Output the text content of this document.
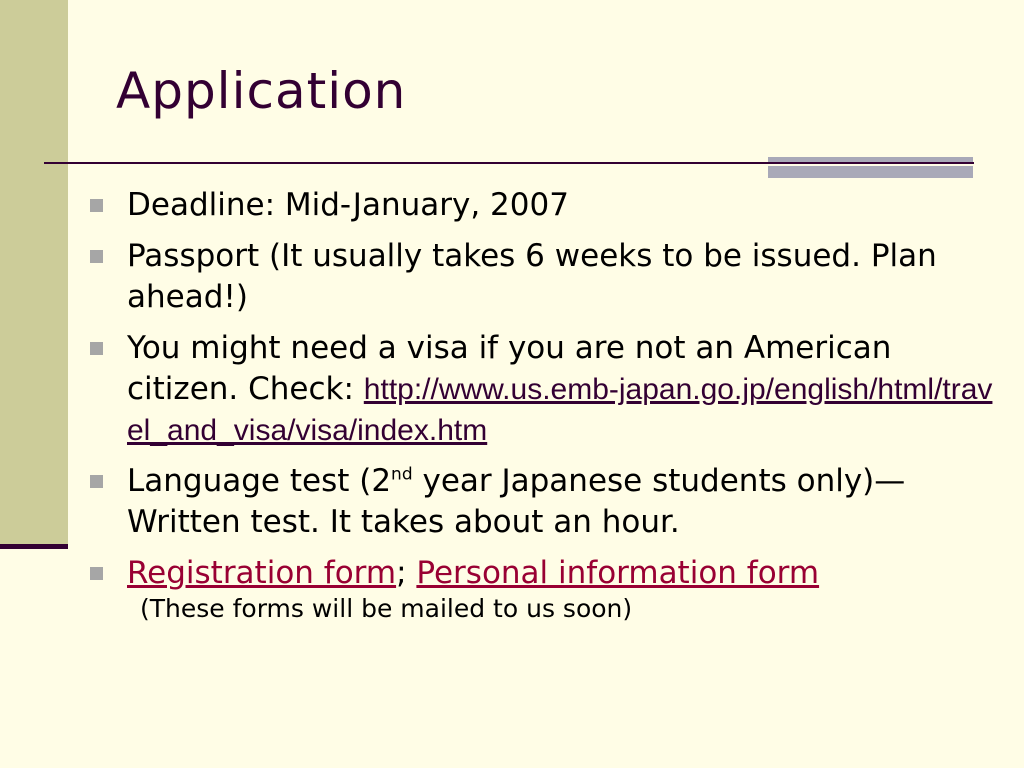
Application
Deadline: Mid-January, 2007
Passport (It usually takes 6 weeks to be issued. Plan ahead!)
You might need a visa if you are not an American citizen. Check: http://www.us.emb-japan.go.jp/english/html/travel_and_visa/visa/index.htm
Language test (2nd year Japanese students only)—Written test. It takes about an hour.
Registration form; Personal information form
(These forms will be mailed to us soon)
